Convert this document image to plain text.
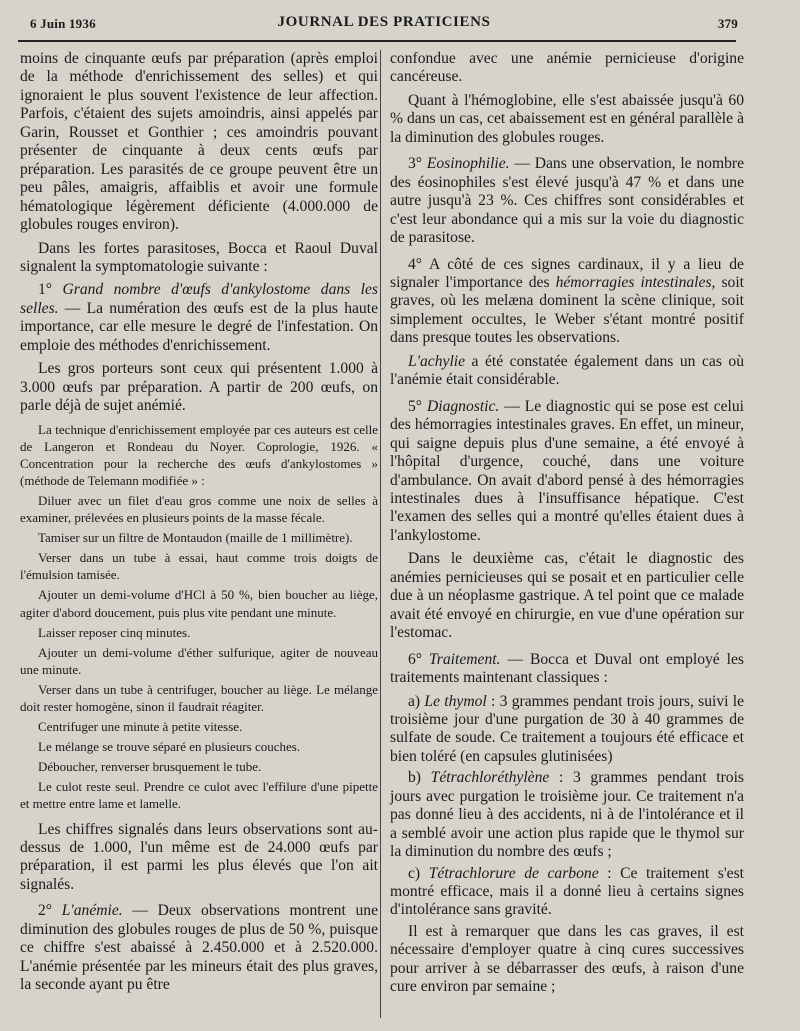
6 Juin 1936	JOURNAL DES PRATICIENS	379

moins de cinquante œufs par préparation (après emploi de la méthode d'enrichissement des selles) et qui ignoraient le plus souvent l'existence de leur affection. Parfois, c'étaient des sujets amoindris, ainsi appelés par Garin, Rousset et Gonthier ; ces amoindris pouvant présenter de cinquante à deux cents œufs par préparation. Les parasités de ce groupe peuvent être un peu pâles, amaigris, affaiblis et avoir une formule hématologique légèrement déficiente (4.000.000 de globules rouges environ).

Dans les fortes parasitoses, Bocca et Raoul Duval signalent la symptomatologie suivante :

1° Grand nombre d'œufs d'ankylostome dans les selles. — La numération des œufs est de la plus haute importance, car elle mesure le degré de l'infestation. On emploie des méthodes d'enrichissement.

Les gros porteurs sont ceux qui présentent 1.000 à 3.000 œufs par préparation. A partir de 200 œufs, on parle déjà de sujet anémié.

La technique d'enrichissement employée par ces auteurs est celle de Langeron et Rondeau du Noyer. Coprologie, 1926. « Concentration pour la recherche des œufs d'ankylostomes » (méthode de Telemann modifiée » :

Diluer avec un filet d'eau gros comme une noix de selles à examiner, prélevées en plusieurs points de la masse fécale.

Tamiser sur un filtre de Montaudon (maille de 1 millimètre).

Verser dans un tube à essai, haut comme trois doigts de l'émulsion tamisée.

Ajouter un demi-volume d'HCl à 50 %, bien boucher au liège, agiter d'abord doucement, puis plus vite pendant une minute.

Laisser reposer cinq minutes.

Ajouter un demi-volume d'éther sulfurique, agiter de nouveau une minute.

Verser dans un tube à centrifuger, boucher au liège. Le mélange doit rester homogène, sinon il faudrait réagiter.

Centrifuger une minute à petite vitesse.

Le mélange se trouve séparé en plusieurs couches.

Déboucher, renverser brusquement le tube.

Le culot reste seul. Prendre ce culot avec l'effilure d'une pipette et mettre entre lame et lamelle.

Les chiffres signalés dans leurs observations sont au-dessus de 1.000, l'un même est de 24.000 œufs par préparation, il est parmi les plus élevés que l'on ait signalés.

2° L'anémie. — Deux observations montrent une diminution des globules rouges de plus de 50 %, puisque ce chiffre s'est abaissé à 2.450.000 et à 2.520.000. L'anémie présentée par les mineurs était des plus graves, la seconde ayant pu être

confondue avec une anémie pernicieuse d'origine cancéreuse.

Quant à l'hémoglobine, elle s'est abaissée jusqu'à 60 % dans un cas, cet abaissement est en général parallèle à la diminution des globules rouges.

3° Eosinophilie. — Dans une observation, le nombre des éosinophiles s'est élevé jusqu'à 47 % et dans une autre jusqu'à 23 %. Ces chiffres sont considérables et c'est leur abondance qui a mis sur la voie du diagnostic de parasitose.

4° A côté de ces signes cardinaux, il y a lieu de signaler l'importance des hémorragies intestinales, soit graves, où les melæna dominent la scène clinique, soit simplement occultes, le Weber s'étant montré positif dans presque toutes les observations.

L'achylie a été constatée également dans un cas où l'anémie était considérable.

5° Diagnostic. — Le diagnostic qui se pose est celui des hémorragies intestinales graves. En effet, un mineur, qui saigne depuis plus d'une semaine, a été envoyé à l'hôpital d'urgence, couché, dans une voiture d'ambulance. On avait d'abord pensé à des hémorragies intestinales dues à l'insuffisance hépatique. C'est l'examen des selles qui a montré qu'elles étaient dues à l'ankylostome.

Dans le deuxième cas, c'était le diagnostic des anémies pernicieuses qui se posait et en particulier celle due à un néoplasme gastrique. A tel point que ce malade avait été envoyé en chirurgie, en vue d'une opération sur l'estomac.

6° Traitement. — Bocca et Duval ont employé les traitements maintenant classiques :

a) Le thymol : 3 grammes pendant trois jours, suivi le troisième jour d'une purgation de 30 à 40 grammes de sulfate de soude. Ce traitement a toujours été efficace et bien toléré (en capsules glutinisées)

b) Tétrachloréthylène : 3 grammes pendant trois jours avec purgation le troisième jour. Ce traitement n'a pas donné lieu à des accidents, ni à de l'intolérance et il a semblé avoir une action plus rapide que le thymol sur la diminution du nombre des œufs ;

c) Tétrachlorure de carbone : Ce traitement s'est montré efficace, mais il a donné lieu à certains signes d'intolérance sans gravité.

Il est à remarquer que dans les cas graves, il est nécessaire d'employer quatre à cinq cures successives pour arriver à se débarrasser des œufs, à raison d'une cure environ par semaine ;
